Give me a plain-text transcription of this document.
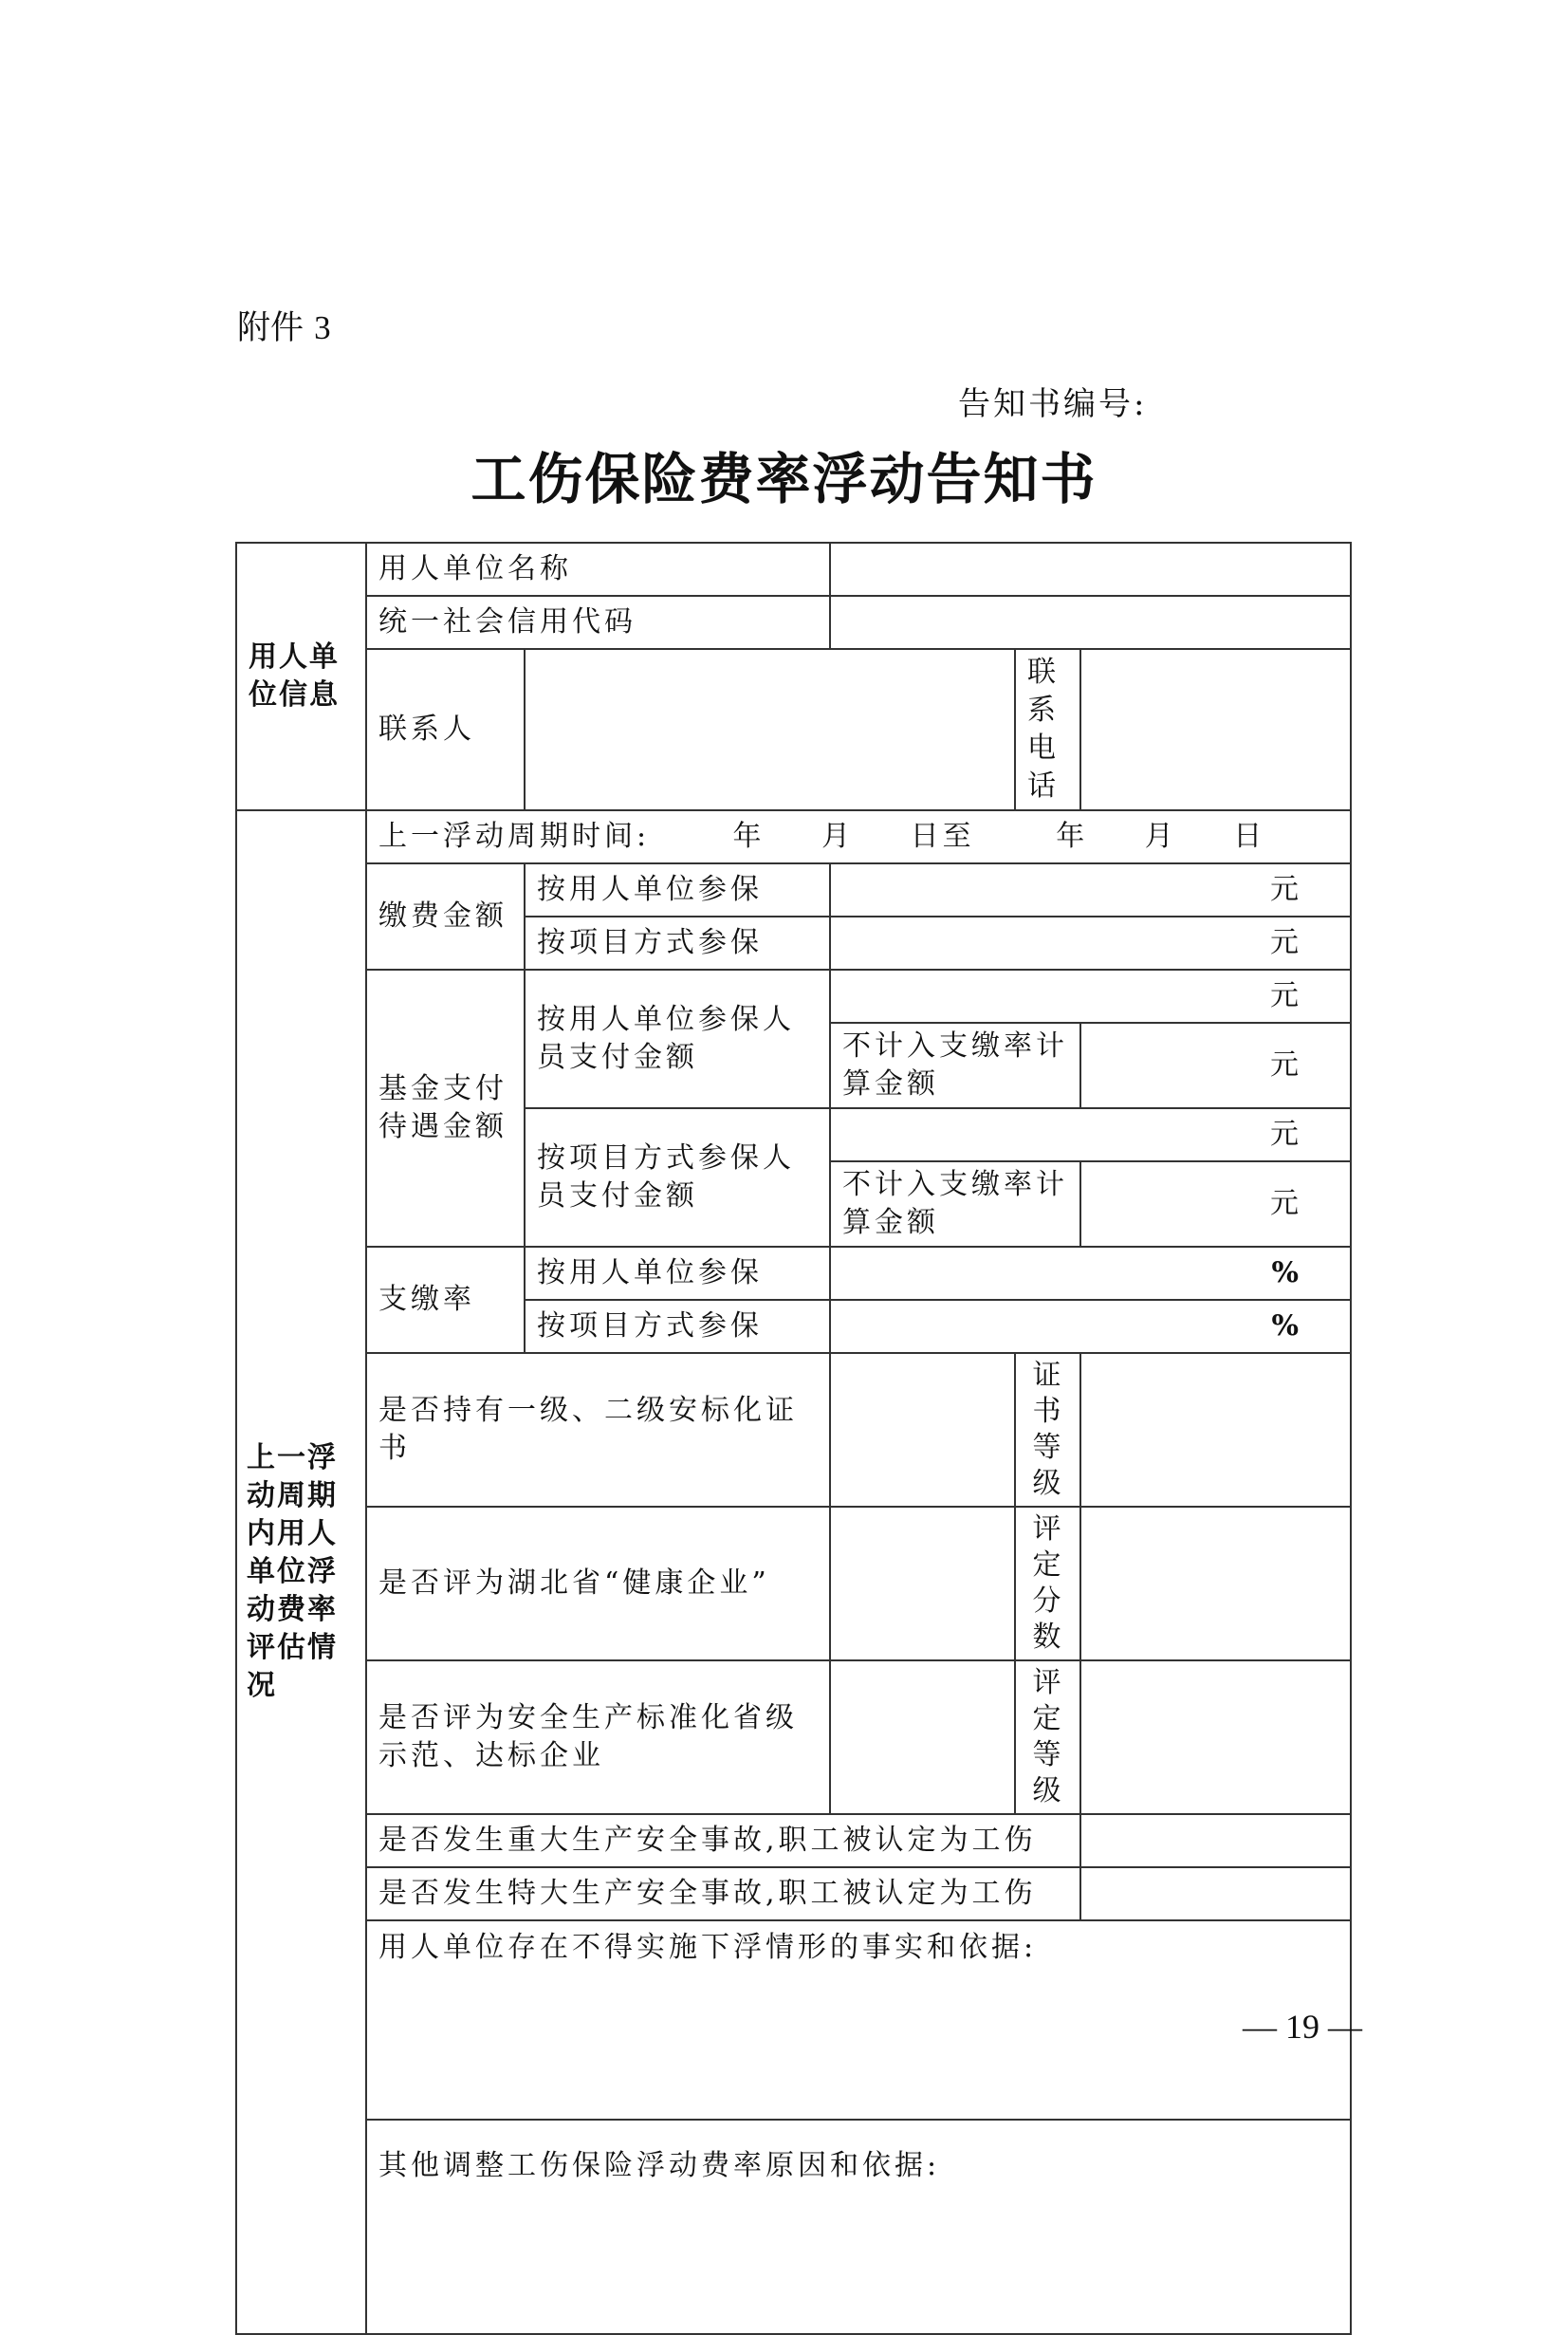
附件 3
告知书编号:
工伤保险费率浮动告知书
用人单位信息	用人单位名称				
	统一社会信用代码				
	联系人			联系电话	
上一浮动周期内用人单位浮动费率评估情况	上一浮动周期时间: 年 月 日至 年 月 日				
	缴费金额	按用人单位参保	元		
		按项目方式参保	元		
	基金支付待遇金额	按用人单位参保人员支付金额	元		
			不计入支缴率计算金额		元
		按项目方式参保人员支付金额	元		
			不计入支缴率计算金额		元
	支缴率	按用人单位参保	%		
		按项目方式参保	%		
	是否持有一级、二级安标化证书			证书等级	
	是否评为湖北省“健康企业”			评定分数	
	是否评为安全生产标准化省级示范、达标企业			评定等级	
	是否发生重大生产安全事故,职工被认定为工伤				
	是否发生特大生产安全事故,职工被认定为工伤				
	用人单位存在不得实施下浮情形的事实和依据:				
	其他调整工伤保险浮动费率原因和依据:				
— 19 —
